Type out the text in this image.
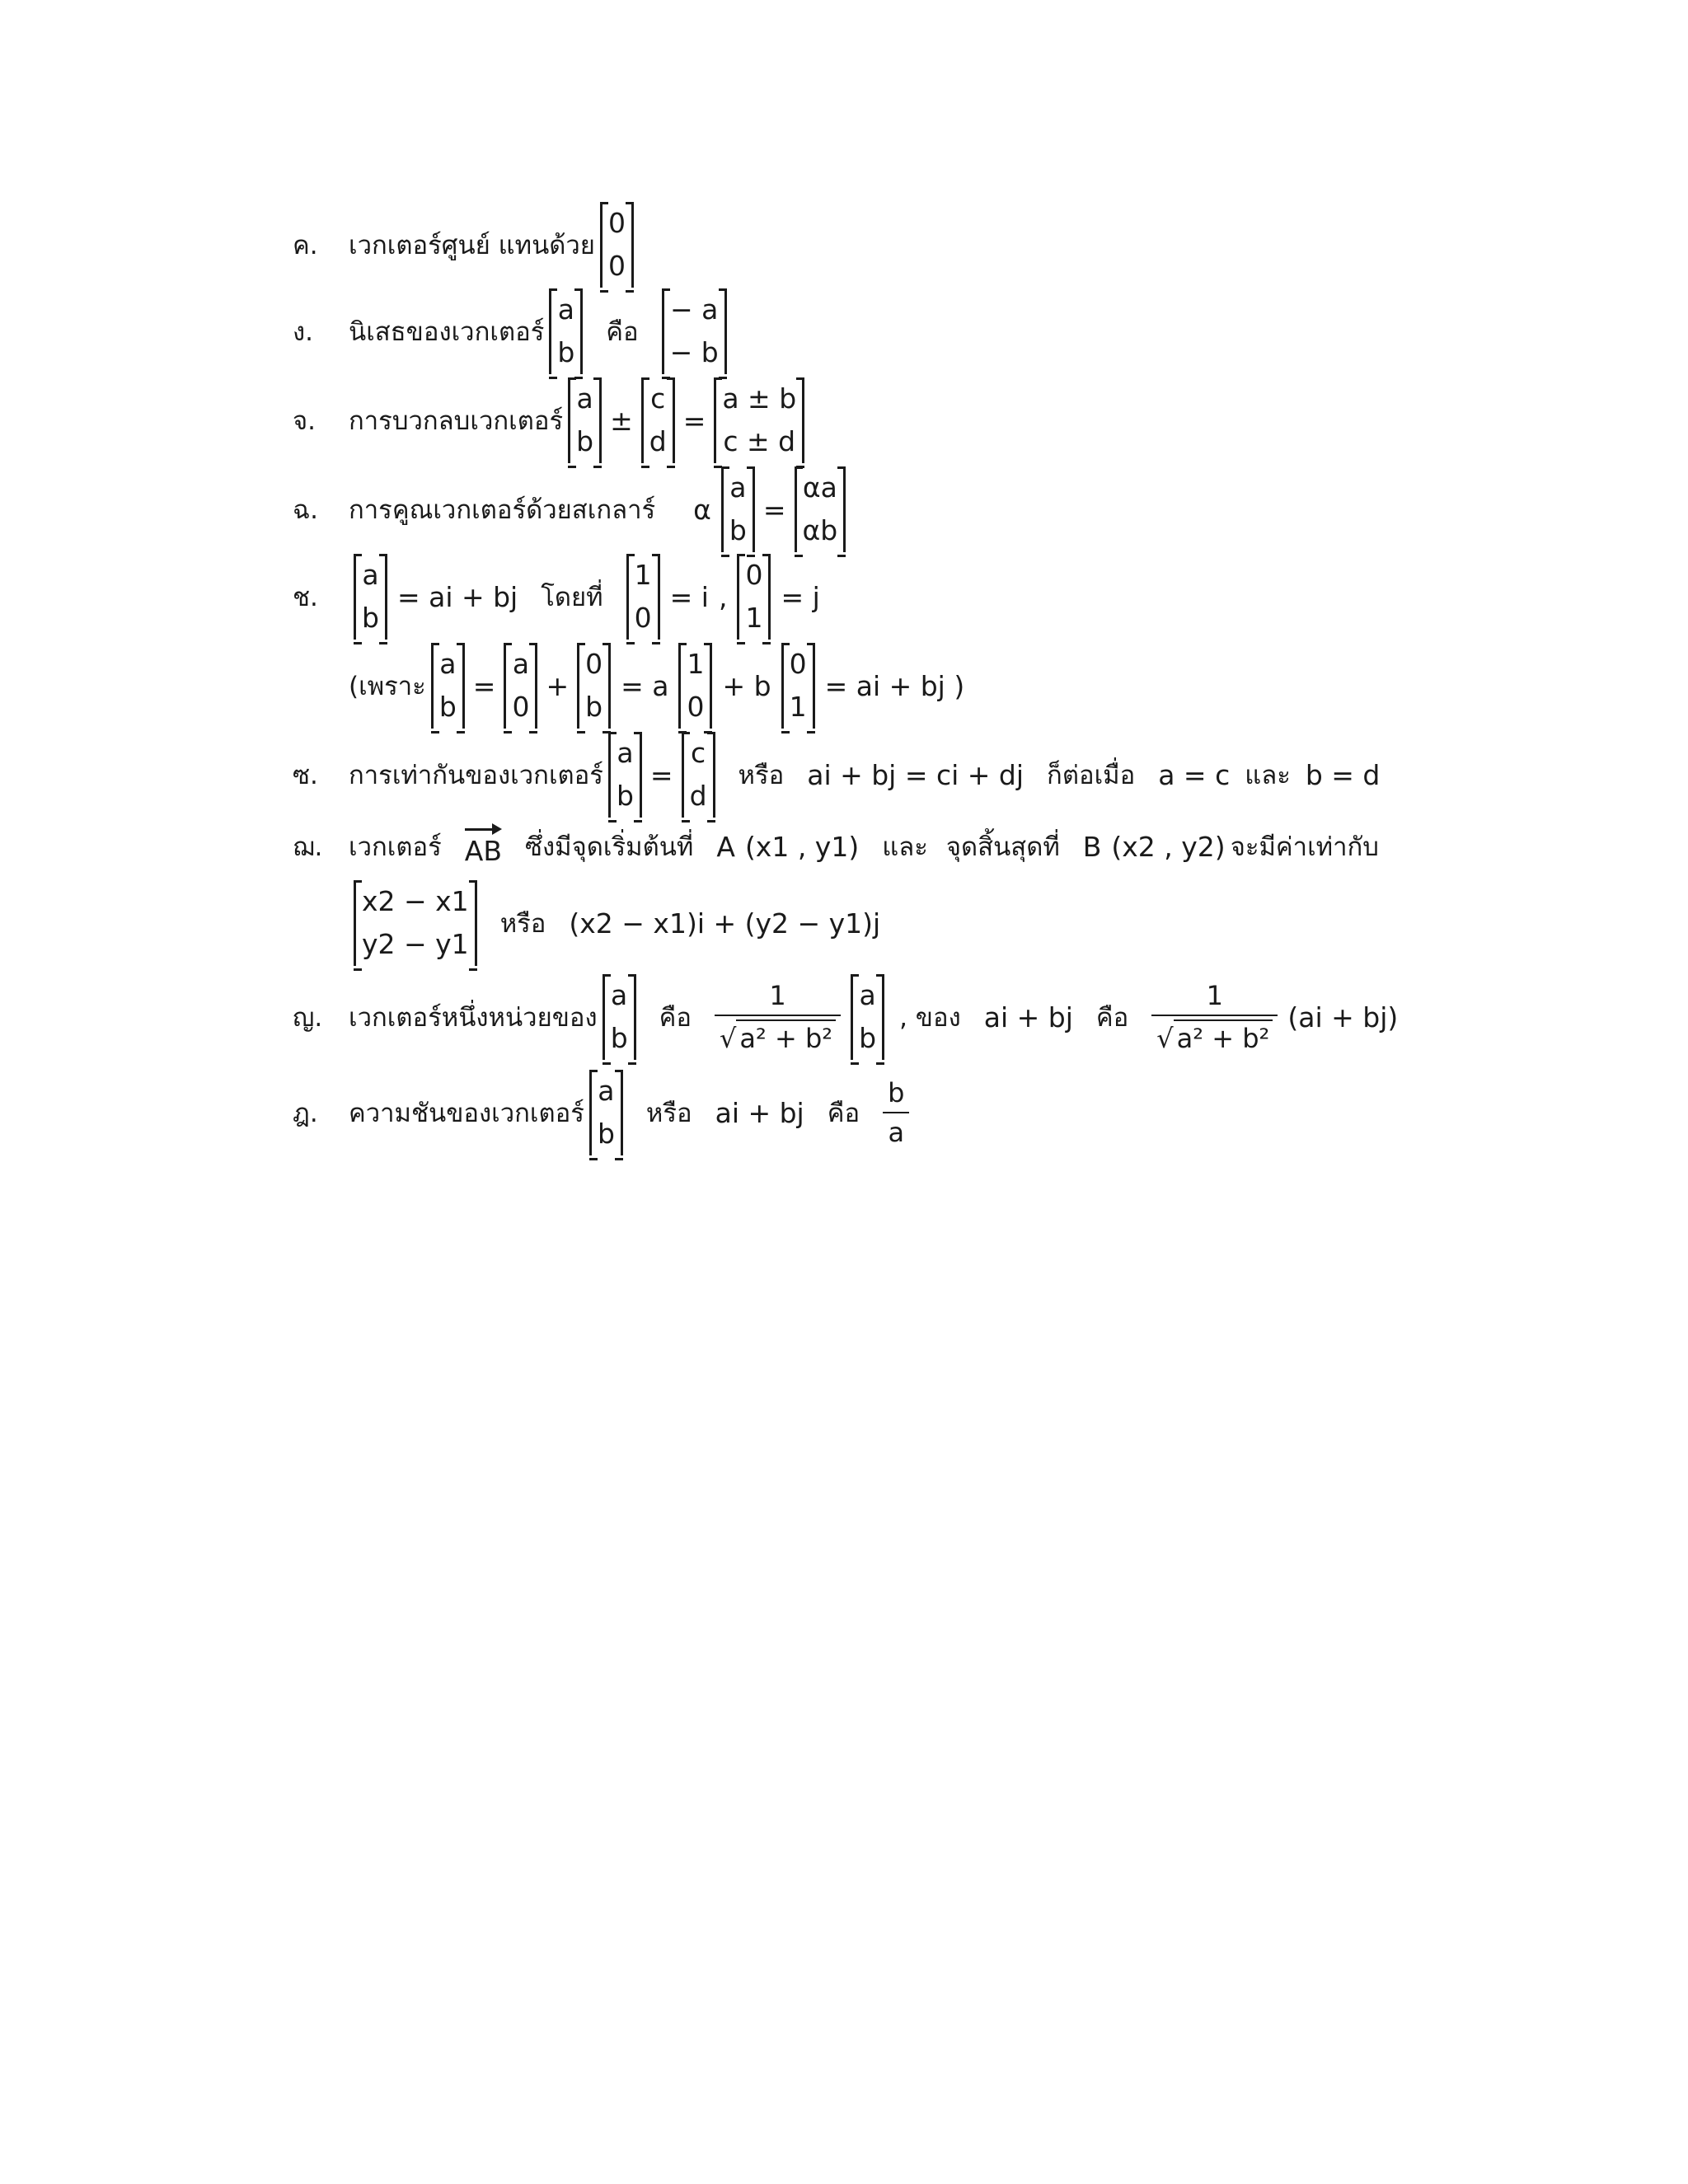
ค.	เวกเตอร์ศูนย์ แทนด้วย
0
0
ง.	นิเสธของเวกเตอร์
a
b
คือ
− a
− b
จ.	การบวกลบเวกเตอร์
a
b
±
c
d
=
a ± b
c ± d
ฉ.	การคูณเวกเตอร์ด้วยสเกลาร์ α
a
b
=
αa
αb
ช.
a
b
= ai + bj โดยที่
1
0
= i ,
0
1
= j
(เพราะ
a
b
=
a
0
+
0
b
= a
1
0
+ b
0
1
= ai + bj )
ซ.	การเท่ากันของเวกเตอร์
a
b
=
c
d
หรือ ai + bj = ci + dj ก็ต่อเมื่อ a = c และ b = d
ฌ.	เวกเตอร์ AB ซึ่งมีจุดเริ่มต้นที่ A (x1 , y1) และ จุดสิ้นสุดที่ B (x2 , y2) จะมีค่าเท่ากับ
x2 − x1
y2 − y1
หรือ (x2 − x1)i + (y2 − y1)j
ญ.	เวกเตอร์หนึ่งหน่วยของ
a
b
คือ $\frac{1}{\text{√ a² + b²}}$ a
b
, ของ ai + bj คือ $\frac{1}{\text{√ a² + b²}} (ai + bj)$
ฎ.	ความชันของเวกเตอร์
a
b
หรือ ai + bj คือ $\frac{b}{a}$
